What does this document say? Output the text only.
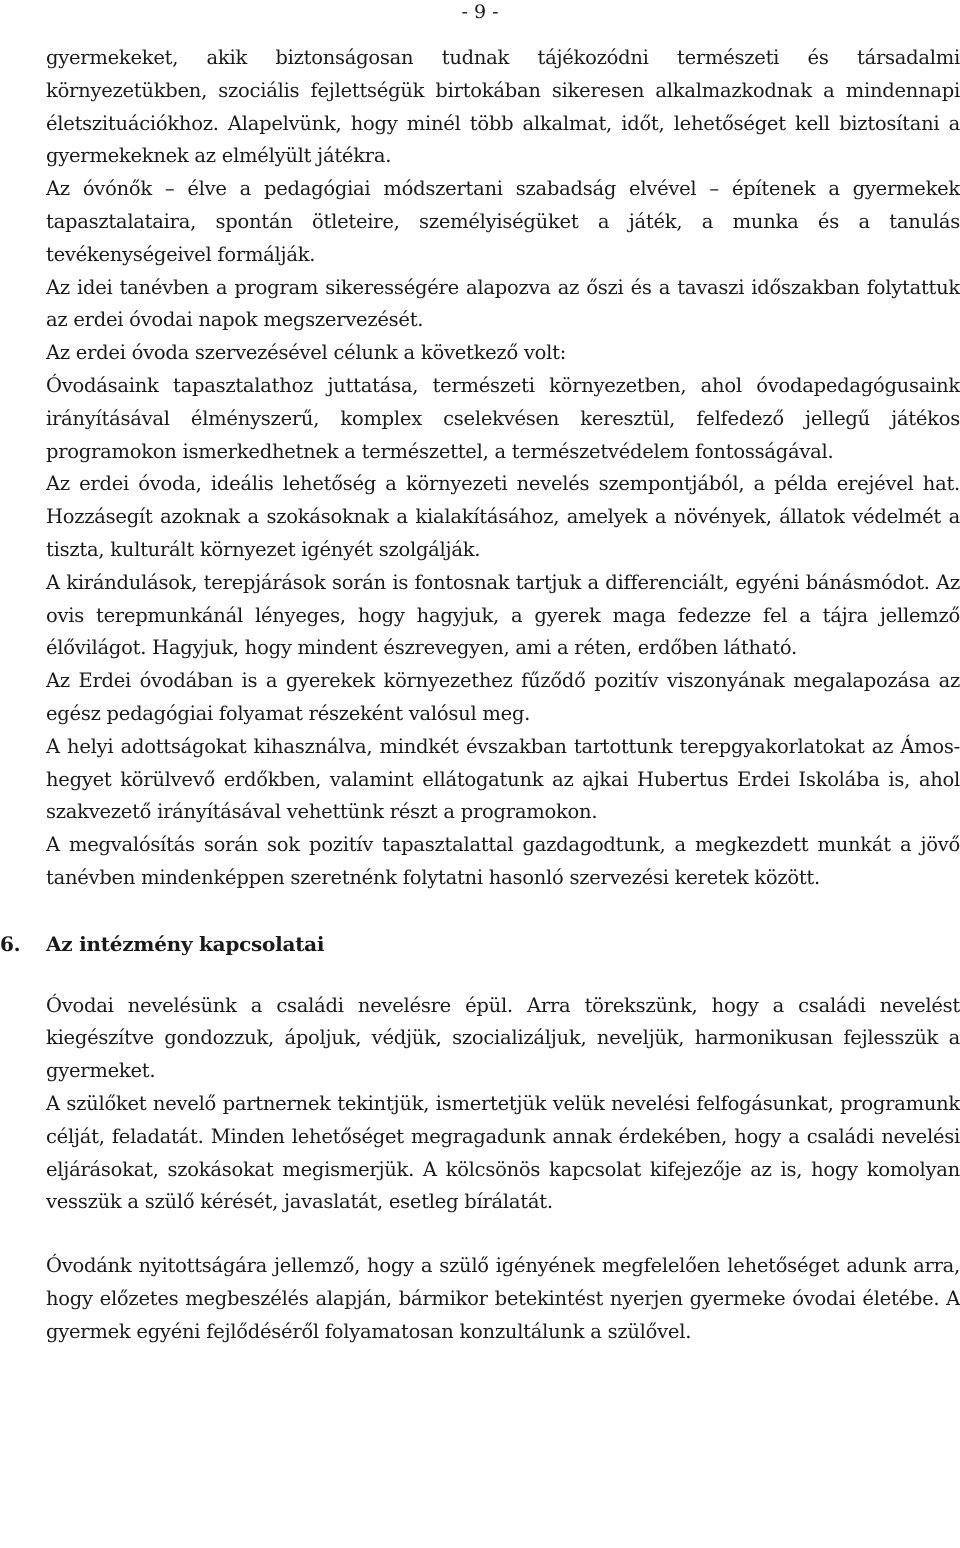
- 9 -

gyermekeket, akik biztonságosan tudnak tájékozódni természeti és társadalmi környezetükben, szociális fejlettségük birtokában sikeresen alkalmazkodnak a mindennapi életszituációkhoz. Alapelvünk, hogy minél több alkalmat, időt, lehetőséget kell biztosítani a gyermekeknek az elmélyült játékra.

Az óvónők – élve a pedagógiai módszertani szabadság elvével – építenek a gyermekek tapasztalataira, spontán ötleteire, személyiségüket a játék, a munka és a tanulás tevékenységeivel formálják.

Az idei tanévben a program sikerességére alapozva az őszi és a tavaszi időszakban folytattuk az erdei óvodai napok megszervezését.

Az erdei óvoda szervezésével célunk a következő volt:

Óvodásaink tapasztalathoz juttatása, természeti környezetben, ahol óvodapedagógusaink irányításával élményszerű, komplex cselekvésen keresztül, felfedező jellegű játékos programokon ismerkedhetnek a természettel, a természetvédelem fontosságával.

Az erdei óvoda, ideális lehetőség a környezeti nevelés szempontjából, a példa erejével hat. Hozzásegít azoknak a szokásoknak a kialakításához, amelyek a növények, állatok védelmét a tiszta, kulturált környezet igényét szolgálják.

A kirándulások, terepjárások során is fontosnak tartjuk a differenciált, egyéni bánásmódot. Az ovis terepmunkánál lényeges, hogy hagyjuk, a gyerek maga fedezze fel a tájra jellemző élővilágot. Hagyjuk, hogy mindent észrevegyen, ami a réten, erdőben látható.

Az Erdei óvodában is a gyerekek környezethez fűződő pozitív viszonyának megalapozása az egész pedagógiai folyamat részeként valósul meg.

A helyi adottságokat kihasználva, mindkét évszakban tartottunk terepgyakorlatokat az Ámos-hegyet körülvevő erdőkben, valamint ellátogatunk az ajkai Hubertus Erdei Iskolába is, ahol szakvezető irányításával vehettünk részt a programokon.

A megvalósítás során sok pozitív tapasztalattal gazdagodtunk, a megkezdett munkát a jövő tanévben mindenképpen szeretnénk folytatni hasonló szervezési keretek között.

6.	Az intézmény kapcsolatai

Óvodai nevelésünk a családi nevelésre épül. Arra törekszünk, hogy a családi nevelést kiegészítve gondozzuk, ápoljuk, védjük, szocializáljuk, neveljük, harmonikusan fejlesszük a gyermeket.

A szülőket nevelő partnernek tekintjük, ismertetjük velük nevelési felfogásunkat, programunk célját, feladatát. Minden lehetőséget megragadunk annak érdekében, hogy a családi nevelési eljárásokat, szokásokat megismerjük. A kölcsönös kapcsolat kifejezője az is, hogy komolyan vesszük a szülő kérését, javaslatát, esetleg bírálatát.

Óvodánk nyitottságára jellemző, hogy a szülő igényének megfelelően lehetőséget adunk arra, hogy előzetes megbeszélés alapján, bármikor betekintést nyerjen gyermeke óvodai életébe. A gyermek egyéni fejlődéséről folyamatosan konzultálunk a szülővel.
